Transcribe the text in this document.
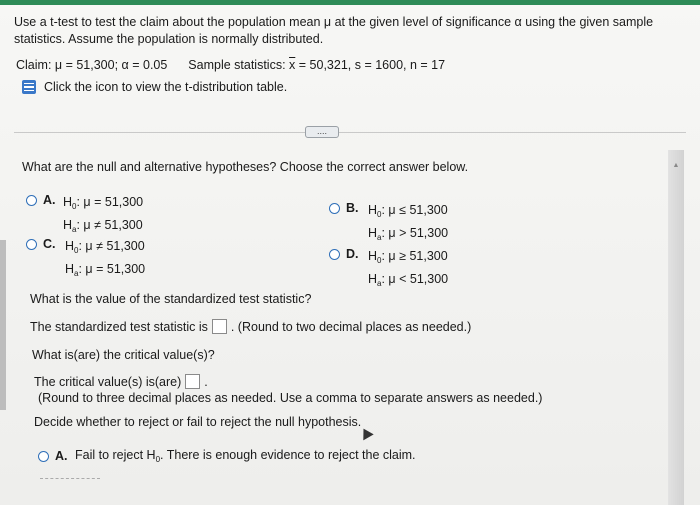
Use a t-test to test the claim about the population mean μ at the given level of significance α using the given sample statistics. Assume the population is normally distributed.
Claim: μ = 51,300; α = 0.05 Sample statistics: $\overline{x} = 50,321$, s = 1600, n = 17
Click the icon to view the t-distribution table.
....
▲
What are the null and alternative hypotheses? Choose the correct answer below.
A. $H_0$: μ = 51,300
$H_a$: μ ≠ 51,300
B. $H_0$: μ ≤ 51,300
$H_a$: μ > 51,300
C. $H_0$: μ ≠ 51,300
$H_a$: μ = 51,300
D. $H_0$: μ ≥ 51,300
$H_a$: μ < 51,300
What is the value of the standardized test statistic?
The standardized test statistic is . (Round to two decimal places as needed.)
What is(are) the critical value(s)?
The critical value(s) is(are) .
(Round to three decimal places as needed. Use a comma to separate answers as needed.)
Decide whether to reject or fail to reject the null hypothesis.
A. Fail to reject $H_0$. There is enough evidence to reject the claim.
